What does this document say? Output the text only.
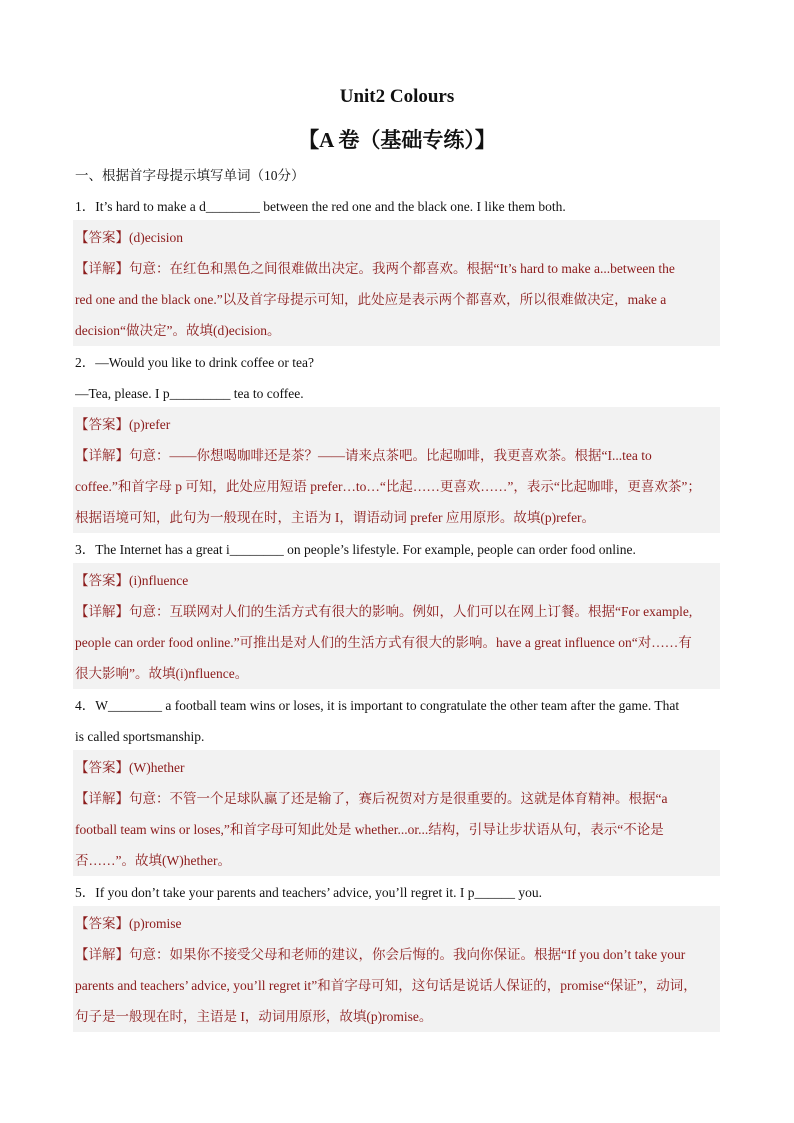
Unit2 Colours
【A 卷（基础专练）】
一、根据首字母提示填写单词（10分）
1．It’s hard to make a d________ between the red one and the black one. I like them both.
【答案】(d)ecision
【详解】句意：在红色和黑色之间很难做出决定。我两个都喜欢。根据“It’s hard to make a...between the
red one and the black one.”以及首字母提示可知，此处应是表示两个都喜欢，所以很难做决定，make a
decision“做决定”。故填(d)ecision。
2．—Would you like to drink coffee or tea?
—Tea, please. I p_________ tea to coffee.
【答案】(p)refer
【详解】句意：——你想喝咖啡还是茶？——请来点茶吧。比起咖啡，我更喜欢茶。根据“I...tea to
coffee.”和首字母 p 可知，此处应用短语 prefer…to…“比起……更喜欢……”，表示“比起咖啡，更喜欢茶”；
根据语境可知，此句为一般现在时，主语为 I，谓语动词 prefer 应用原形。故填(p)refer。
3．The Internet has a great i________ on people’s lifestyle. For example, people can order food online.
【答案】(i)nfluence
【详解】句意：互联网对人们的生活方式有很大的影响。例如，人们可以在网上订餐。根据“For example,
people can order food online.”可推出是对人们的生活方式有很大的影响。have a great influence on“对……有
很大影响”。故填(i)nfluence。
4．W________ a football team wins or loses, it is important to congratulate the other team after the game. That
is called sportsmanship.
【答案】(W)hether
【详解】句意：不管一个足球队赢了还是输了，赛后祝贺对方是很重要的。这就是体育精神。根据“a
football team wins or loses,”和首字母可知此处是 whether...or...结构，引导让步状语从句，表示“不论是
否……”。故填(W)hether。
5．If you don’t take your parents and teachers’ advice, you’ll regret it. I p______ you.
【答案】(p)romise
【详解】句意：如果你不接受父母和老师的建议，你会后悔的。我向你保证。根据“If you don’t take your
parents and teachers’ advice, you’ll regret it”和首字母可知，这句话是说话人保证的，promise“保证”，动词，
句子是一般现在时，主语是 I，动词用原形，故填(p)romise。
